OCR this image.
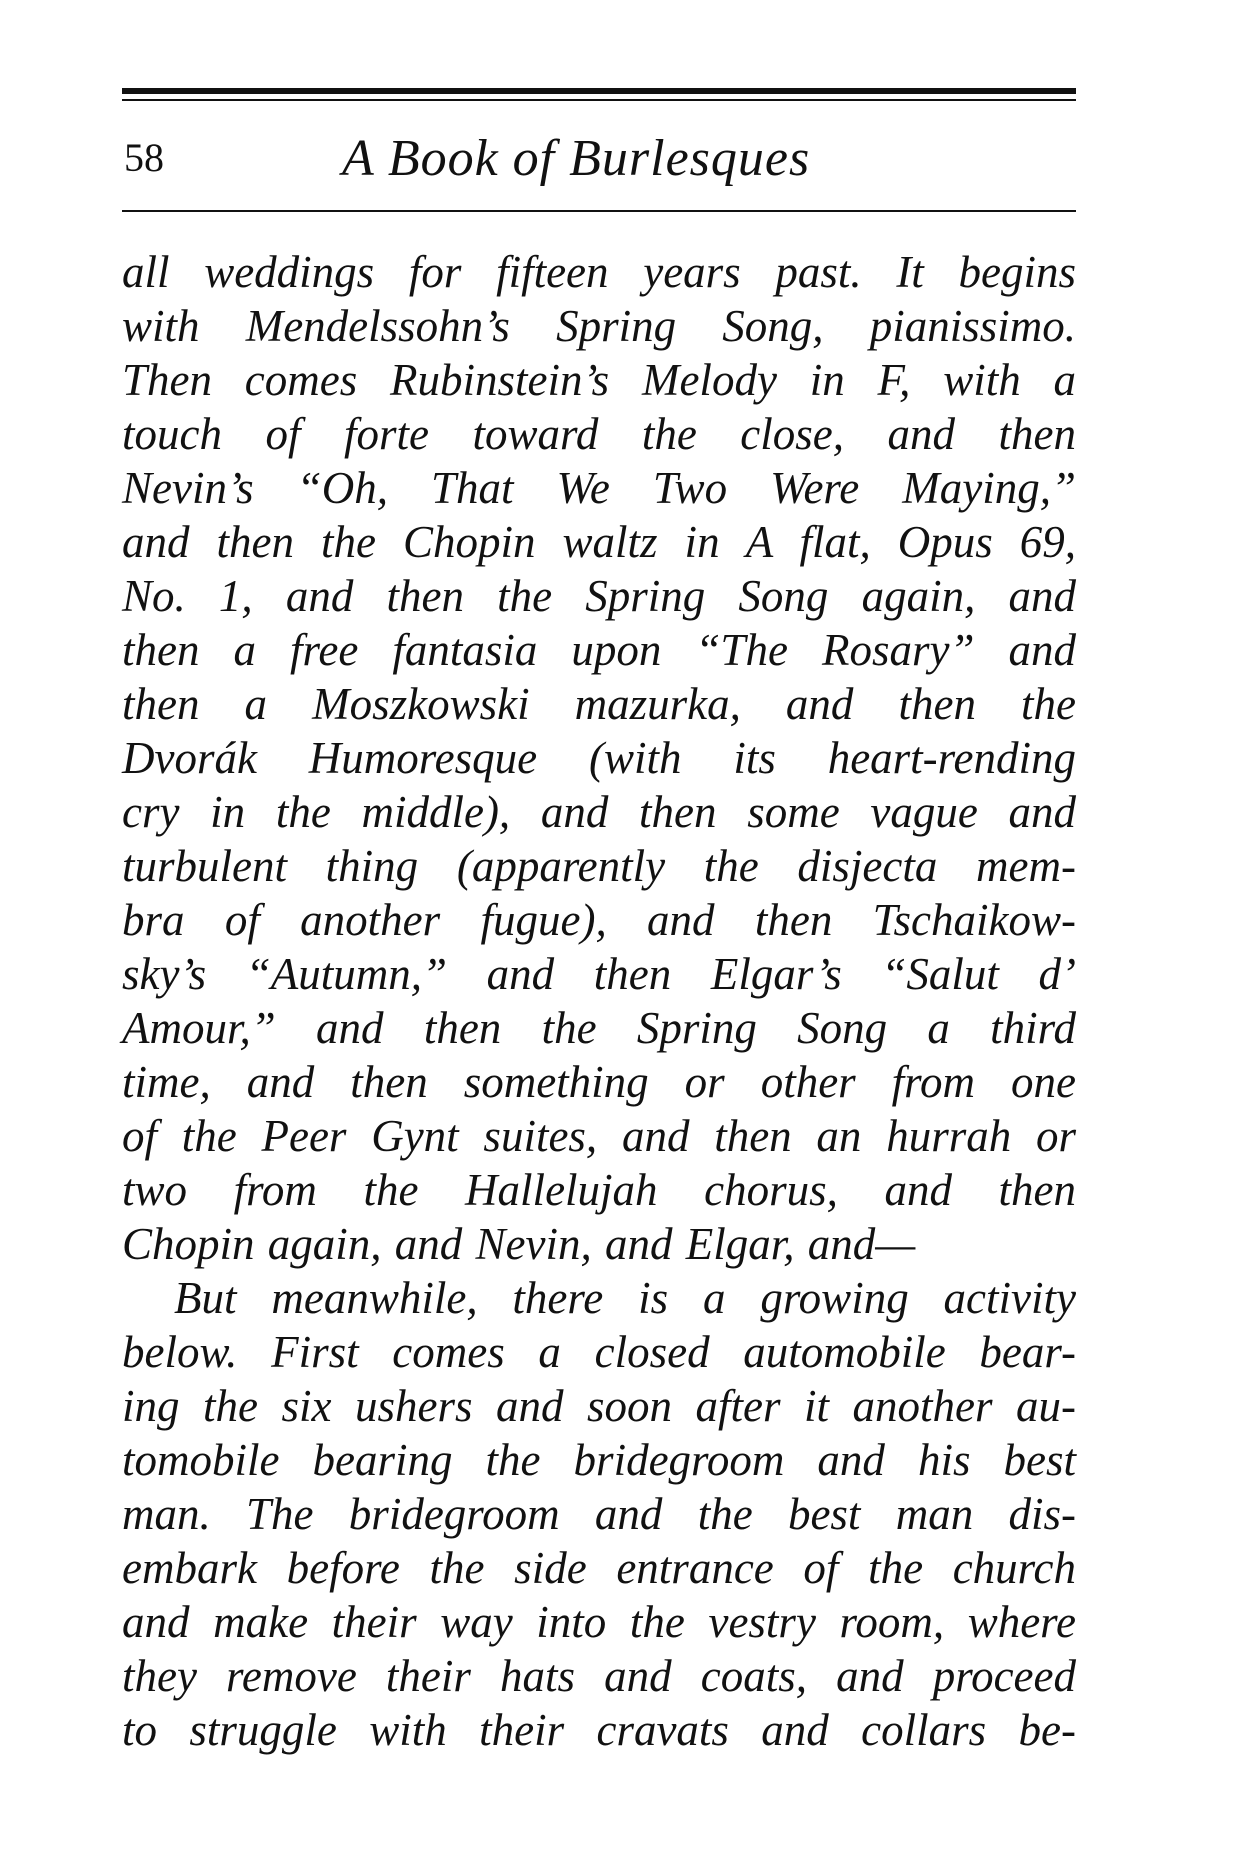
58	A Book of Burlesques
all weddings for fifteen years past. It begins
with Mendelssohn’s Spring Song, pianissimo.
Then comes Rubinstein’s Melody in F, with a
touch of forte toward the close, and then
Nevin’s “Oh, That We Two Were Maying,”
and then the Chopin waltz in A flat, Opus 69,
No. 1, and then the Spring Song again, and
then a free fantasia upon “The Rosary” and
then a Moszkowski mazurka, and then the
Dvorák Humoresque (with its heart-rending
cry in the middle), and then some vague and
turbulent thing (apparently the disjecta mem-
bra of another fugue), and then Tschaikow-
sky’s “Autumn,” and then Elgar’s “Salut d’
Amour,” and then the Spring Song a third
time, and then something or other from one
of the Peer Gynt suites, and then an hurrah or
two from the Hallelujah chorus, and then
Chopin again, and Nevin, and Elgar, and—
But meanwhile, there is a growing activity
below. First comes a closed automobile bear-
ing the six ushers and soon after it another au-
tomobile bearing the bridegroom and his best
man. The bridegroom and the best man dis-
embark before the side entrance of the church
and make their way into the vestry room, where
they remove their hats and coats, and proceed
to struggle with their cravats and collars be-
